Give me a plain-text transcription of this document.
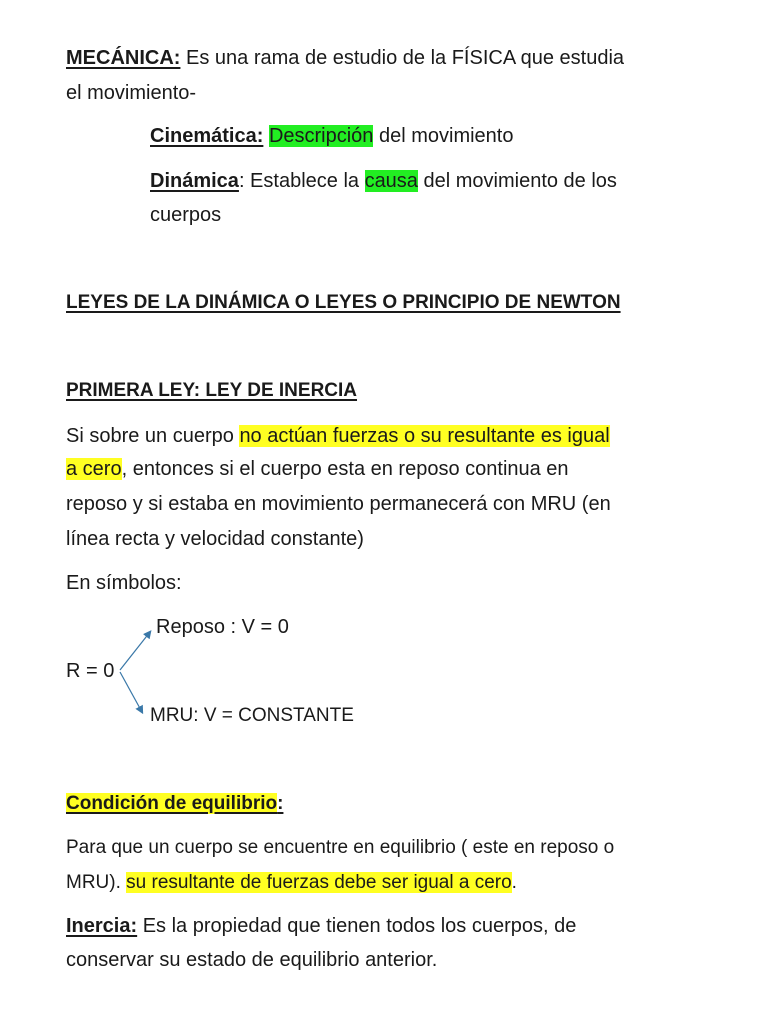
MECÁNICA: Es una rama de estudio de la FÍSICA que estudia
el movimiento-
Cinemática: Descripción del movimiento
Dinámica: Establece la causa del movimiento de los
cuerpos
LEYES DE LA DINÁMICA O LEYES O PRINCIPIO DE NEWTON
PRIMERA LEY: LEY DE INERCIA
Si sobre un cuerpo no actúan fuerzas o su resultante es igual
a cero, entonces si el cuerpo esta en reposo continua en
reposo y si estaba en movimiento permanecerá con MRU (en
línea recta y velocidad constante)
En símbolos:
Reposo : V = 0
R = 0
MRU: V = CONSTANTE
Condición de equilibrio:
Para que un cuerpo se encuentre en equilibrio ( este en reposo o
MRU). su resultante de fuerzas debe ser igual a cero.
Inercia: Es la propiedad que tienen todos los cuerpos, de
conservar su estado de equilibrio anterior.
